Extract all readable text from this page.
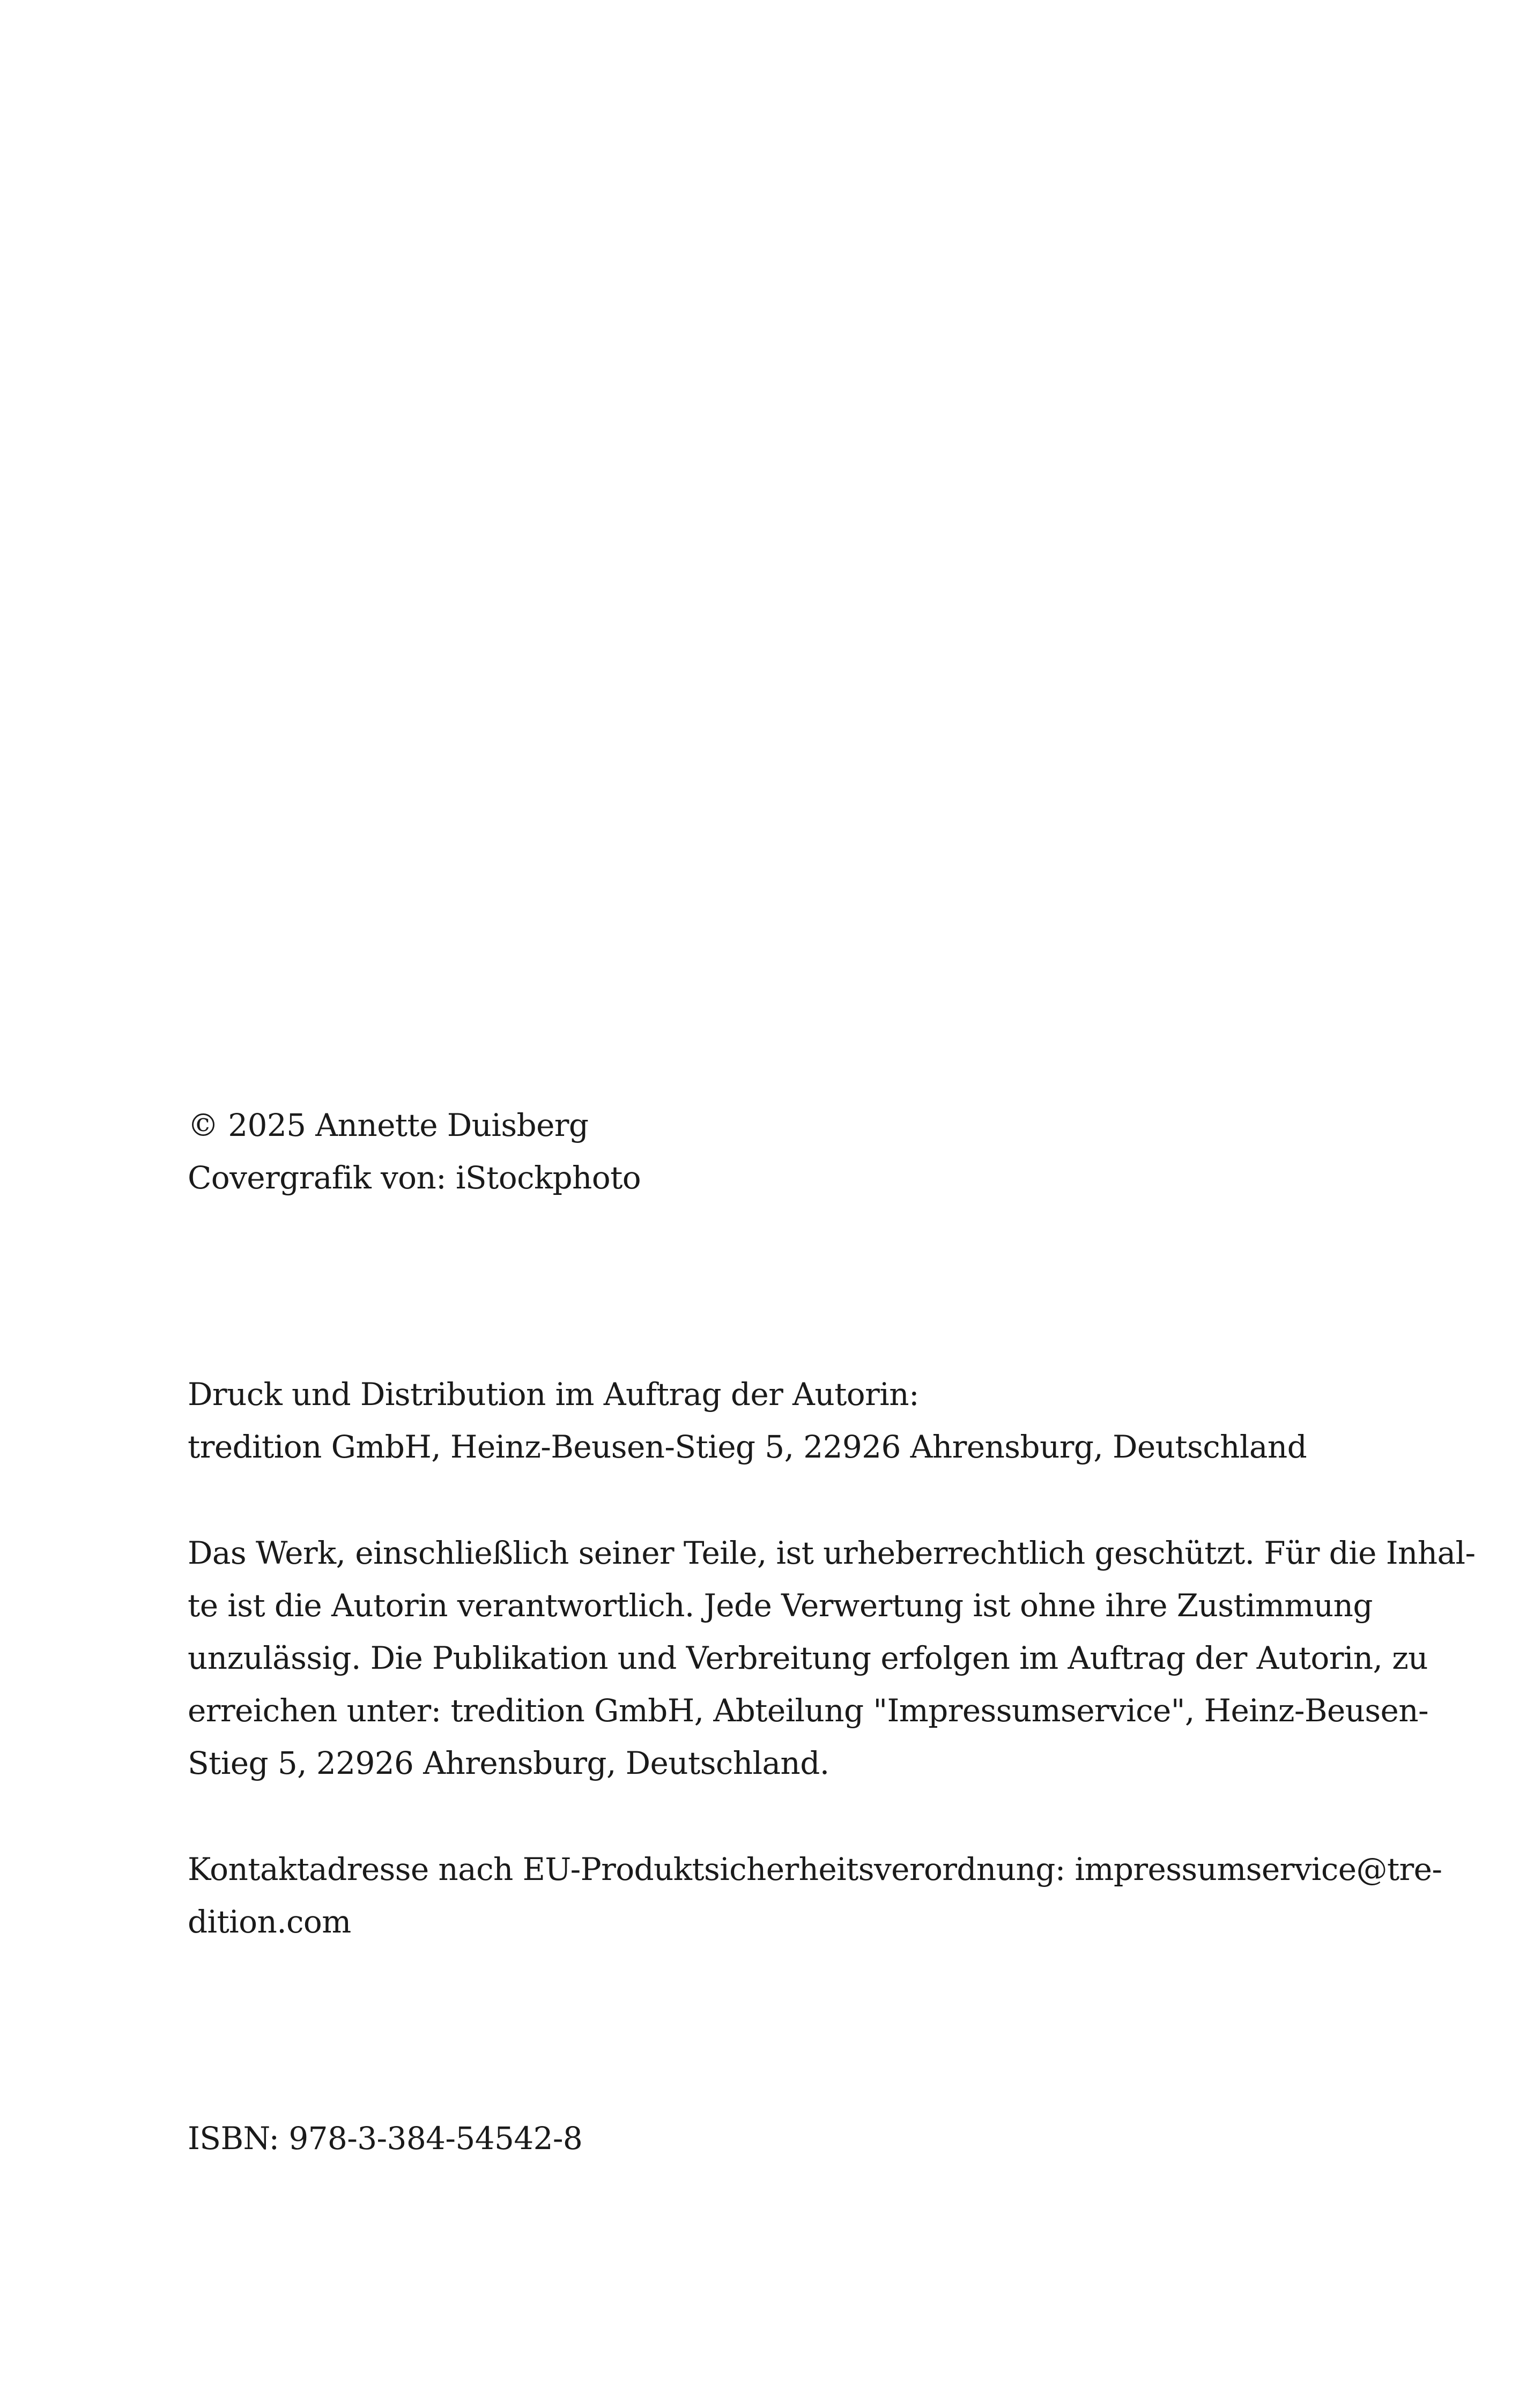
© 2025 Annette Duisberg
Covergrafik von: iStockphoto
Druck und Distribution im Auftrag der Autorin:
tredition GmbH, Heinz-Beusen-Stieg 5, 22926 Ahrensburg, Deutschland
Das Werk, einschließlich seiner Teile, ist urheberrechtlich geschützt. Für die Inhal-
te ist die Autorin verantwortlich. Jede Verwertung ist ohne ihre Zustimmung
unzulässig. Die Publikation und Verbreitung erfolgen im Auftrag der Autorin, zu
erreichen unter: tredition GmbH, Abteilung "Impressumservice", Heinz-Beusen-
Stieg 5, 22926 Ahrensburg, Deutschland.
Kontaktadresse nach EU-Produktsicherheitsverordnung: impressumservice@tre-
dition.com
ISBN: 978-3-384-54542-8
